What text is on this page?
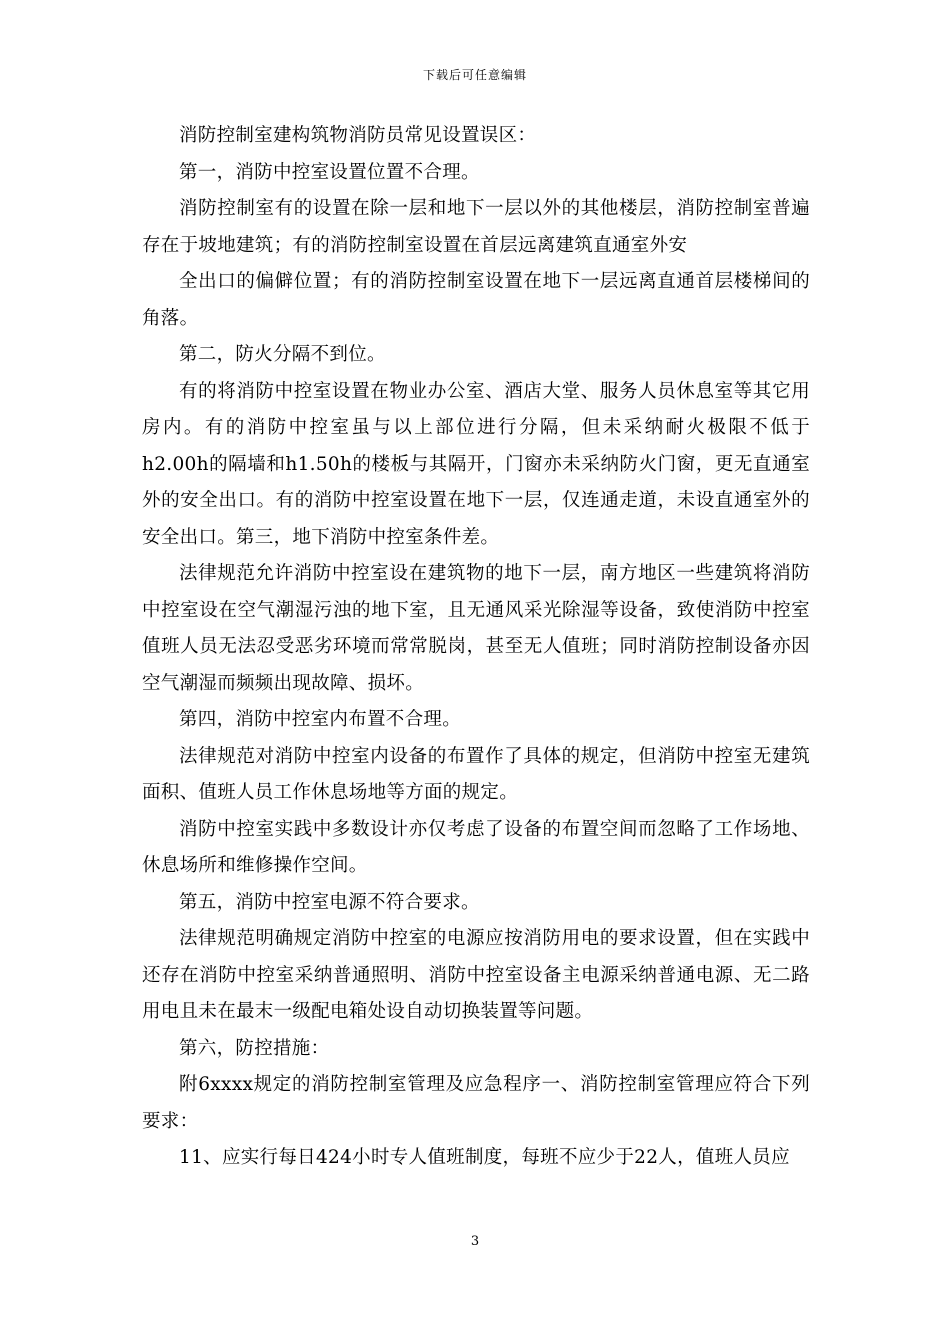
下载后可任意编辑

消防控制室建构筑物消防员常见设置误区：

第一，消防中控室设置位置不合理。

消防控制室有的设置在除一层和地下一层以外的其他楼层，消防控制室普遍存在于坡地建筑；有的消防控制室设置在首层远离建筑直通室外安

全出口的偏僻位置；有的消防控制室设置在地下一层远离直通首层楼梯间的角落。

第二，防火分隔不到位。

有的将消防中控室设置在物业办公室、酒店大堂、服务人员休息室等其它用房内。有的消防中控室虽与以上部位进行分隔，但未采纳耐火极限不低于h2.00h的隔墙和h1.50h的楼板与其隔开，门窗亦未采纳防火门窗，更无直通室外的安全出口。有的消防中控室设置在地下一层，仅连通走道，未设直通室外的安全出口。第三，地下消防中控室条件差。

法律规范允许消防中控室设在建筑物的地下一层，南方地区一些建筑将消防中控室设在空气潮湿污浊的地下室，且无通风采光除湿等设备，致使消防中控室值班人员无法忍受恶劣环境而常常脱岗，甚至无人值班；同时消防控制设备亦因空气潮湿而频频出现故障、损坏。

第四，消防中控室内布置不合理。

法律规范对消防中控室内设备的布置作了具体的规定，但消防中控室无建筑面积、值班人员工作休息场地等方面的规定。

消防中控室实践中多数设计亦仅考虑了设备的布置空间而忽略了工作场地、休息场所和维修操作空间。

第五，消防中控室电源不符合要求。

法律规范明确规定消防中控室的电源应按消防用电的要求设置，但在实践中还存在消防中控室采纳普通照明、消防中控室设备主电源采纳普通电源、无二路用电且未在最末一级配电箱处设自动切换装置等问题。

第六，防控措施：

附6xxxx规定的消防控制室管理及应急程序一、消防控制室管理应符合下列要求：

11、应实行每日424小时专人值班制度，每班不应少于22人，值班人员应

3
